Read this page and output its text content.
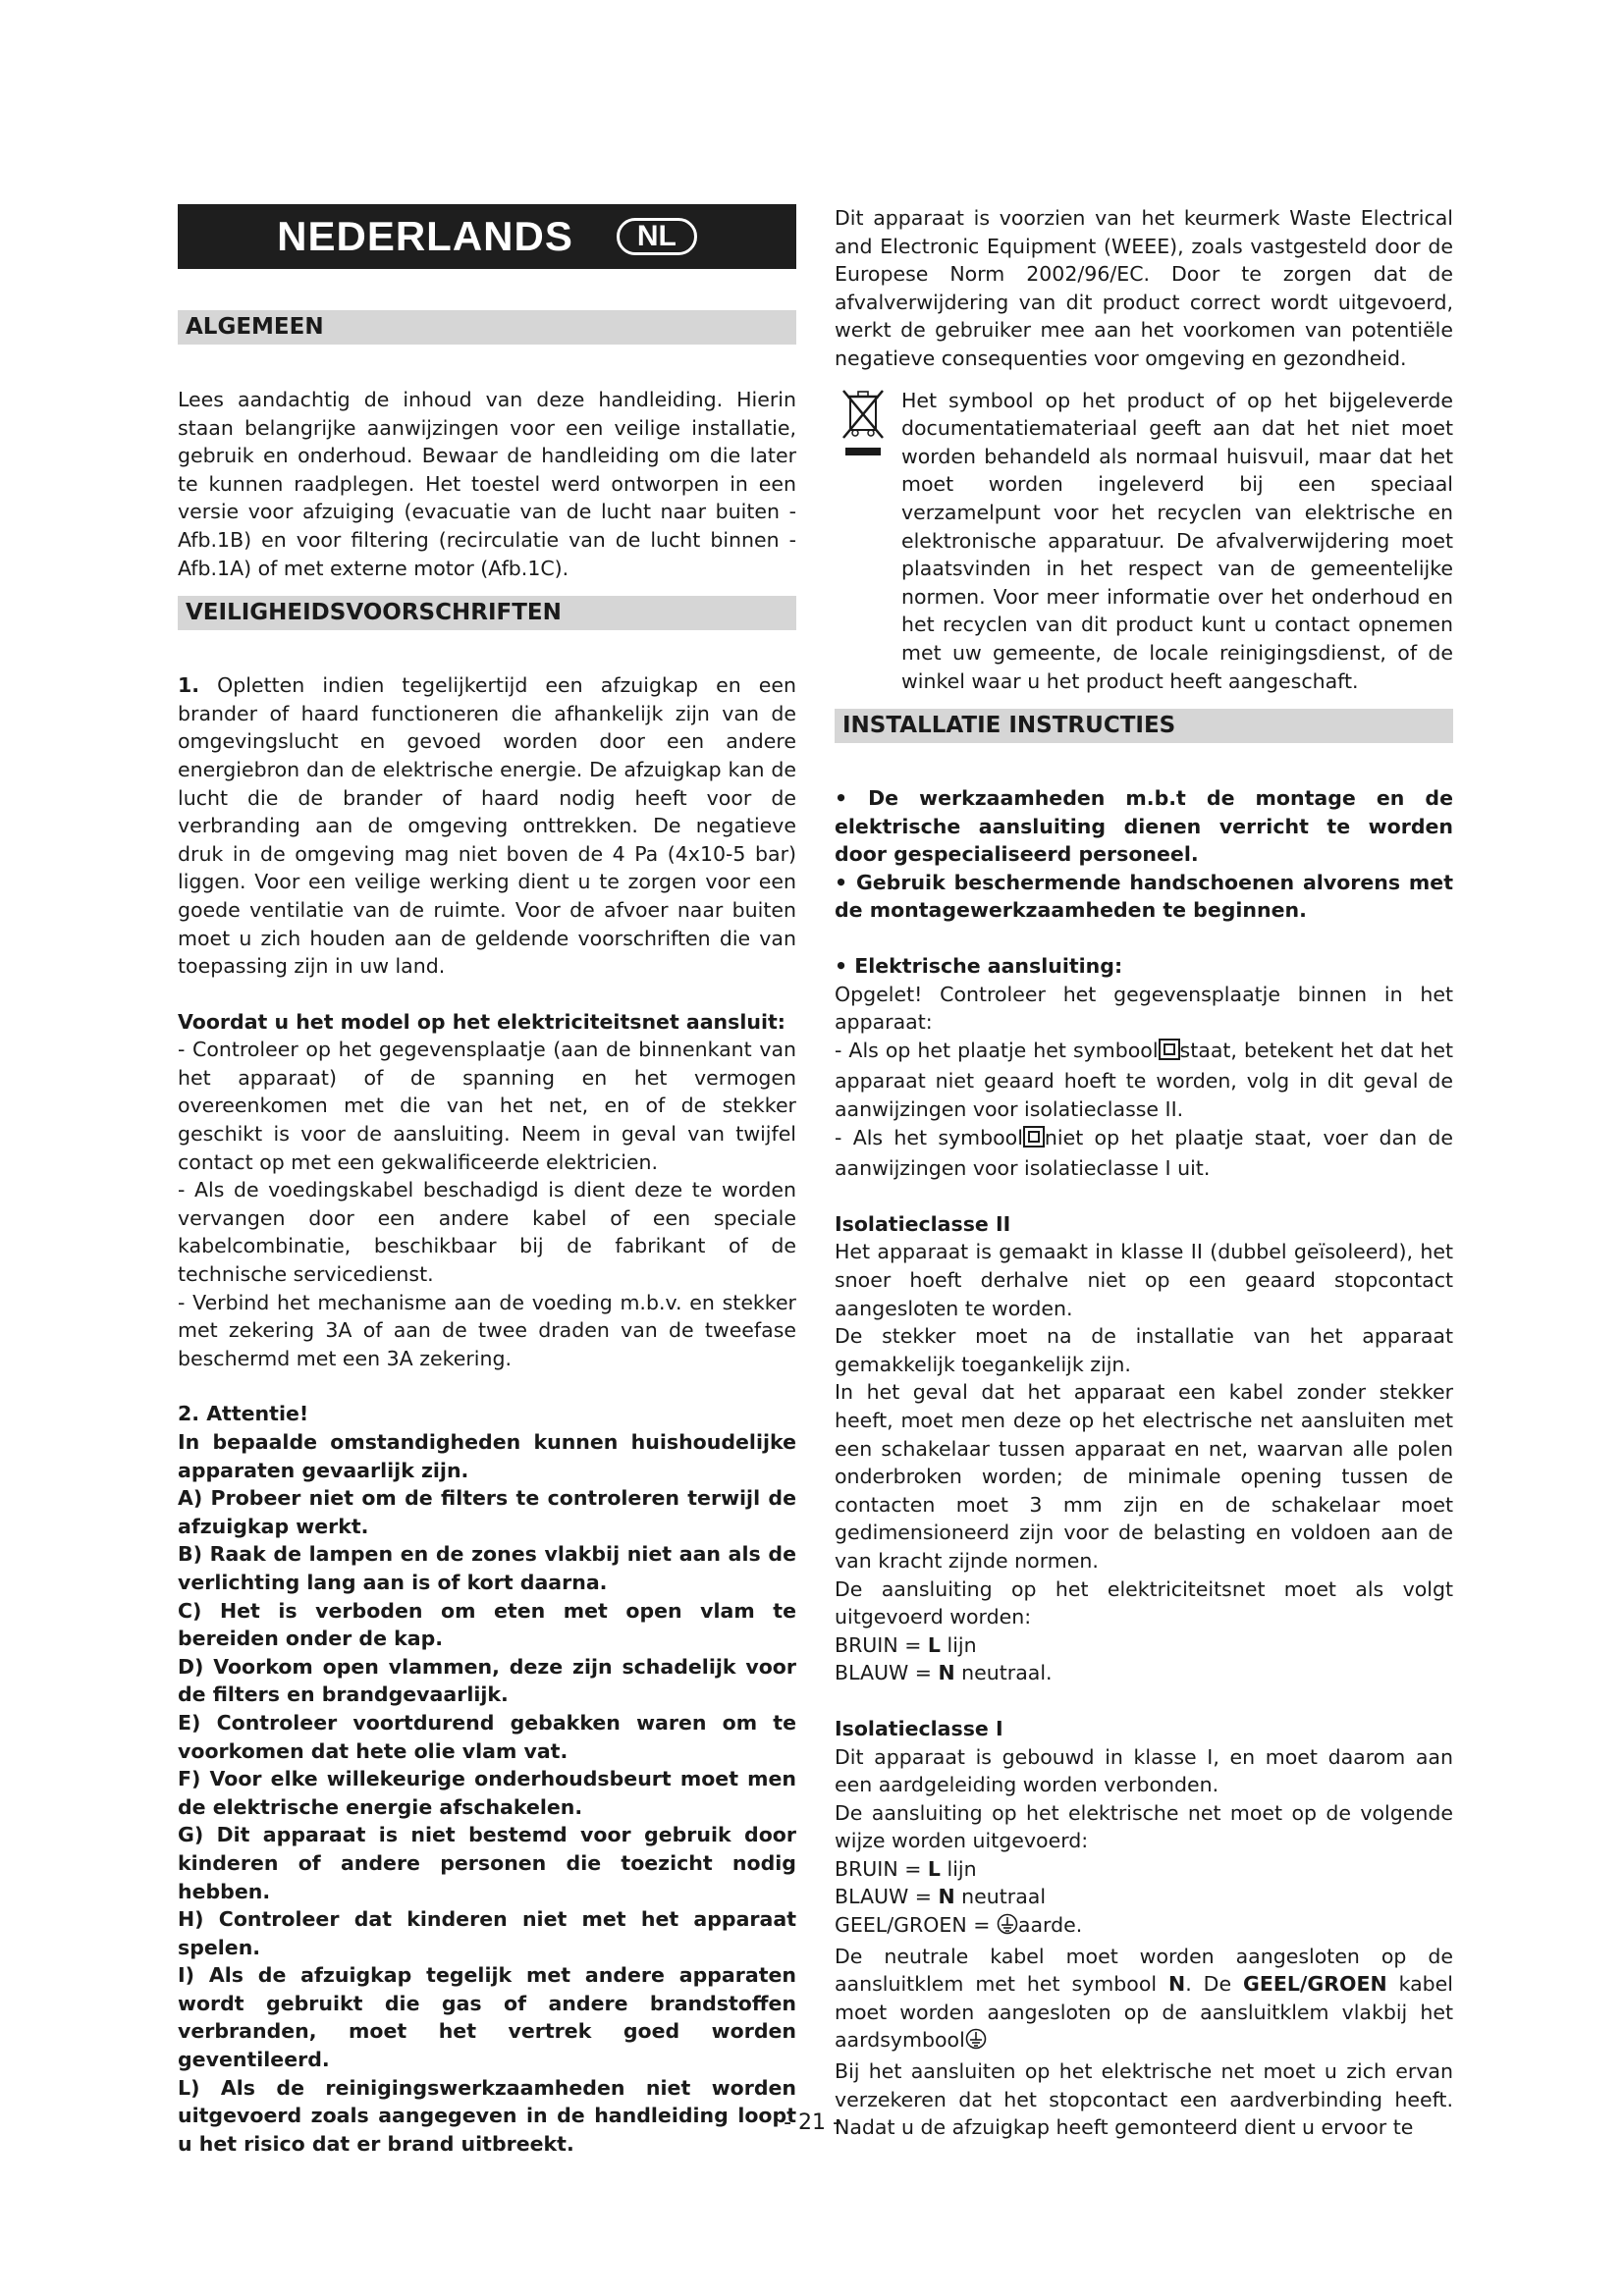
NEDERLANDS	NL
ALGEMEEN

Lees aandachtig de inhoud van deze handleiding. Hierin staan belangrijke aanwijzingen voor een veilige installatie, gebruik en onderhoud. Bewaar de handleiding om die later te kunnen raadplegen. Het toestel werd ontworpen in een versie voor afzuiging (evacuatie van de lucht naar buiten - Afb.1B) en voor filtering (recirculatie van de lucht binnen - Afb.1A) of met externe motor (Afb.1C).

VEILIGHEIDSVOORSCHRIFTEN

1. Opletten indien tegelijkertijd een afzuigkap en een brander of haard functioneren die afhankelijk zijn van de omgevingslucht en gevoed worden door een andere energiebron dan de elektrische energie. De afzuigkap kan de lucht die de brander of haard nodig heeft voor de verbranding aan de omgeving onttrekken. De negatieve druk in de omgeving mag niet boven de 4 Pa (4x10-5 bar) liggen. Voor een veilige werking dient u te zorgen voor een goede ventilatie van de ruimte. Voor de afvoer naar buiten moet u zich houden aan de geldende voorschriften die van toepassing zijn in uw land.

Voordat u het model op het elektriciteitsnet aansluit:

- Controleer op het gegevensplaatje (aan de binnenkant van het apparaat) of de spanning en het vermogen overeenkomen met die van het net, en of de stekker geschikt is voor de aansluiting. Neem in geval van twijfel contact op met een gekwalificeerde elektricien.

- Als de voedingskabel beschadigd is dient deze te worden vervangen door een andere kabel of een speciale kabelcombinatie, beschikbaar bij de fabrikant of de technische servicedienst.

- Verbind het mechanisme aan de voeding m.b.v. en stekker met zekering 3A of aan de twee draden van de tweefase beschermd met een 3A zekering.

2. Attentie!

In bepaalde omstandigheden kunnen huishoudelijke apparaten gevaarlijk zijn.

A) Probeer niet om de filters te controleren terwijl de afzuigkap werkt.

B) Raak de lampen en de zones vlakbij niet aan als de verlichting lang aan is of kort daarna.

C) Het is verboden om eten met open vlam te bereiden onder de kap.

D) Voorkom open vlammen, deze zijn schadelijk voor de filters en brandgevaarlijk.

E) Controleer voortdurend gebakken waren om te voorkomen dat hete olie vlam vat.

F) Voor elke willekeurige onderhoudsbeurt moet men de elektrische energie afschakelen.

G) Dit apparaat is niet bestemd voor gebruik door kinderen of andere personen die toezicht nodig hebben.

H) Controleer dat kinderen niet met het apparaat spelen.

I) Als de afzuigkap tegelijk met andere apparaten wordt gebruikt die gas of andere brandstoffen verbranden, moet het vertrek goed worden geventileerd.

L) Als de reinigingswerkzaamheden niet worden uitgevoerd zoals aangegeven in de handleiding loopt u het risico dat er brand uitbreekt.

Dit apparaat is voorzien van het keurmerk Waste Electrical and Electronic Equipment (WEEE), zoals vastgesteld door de Europese Norm 2002/96/EC. Door te zorgen dat de afvalverwijdering van dit product correct wordt uitgevoerd, werkt de gebruiker mee aan het voorkomen van potentiële negatieve consequenties voor omgeving en gezondheid.

Het symbool op het product of op het bijgeleverde documentatiemateriaal geeft aan dat het niet moet worden behandeld als normaal huisvuil, maar dat het moet worden ingeleverd bij een speciaal verzamelpunt voor het recyclen van elektrische en elektronische apparatuur. De afvalverwijdering moet plaatsvinden in het respect van de gemeentelijke normen. Voor meer informatie over het onderhoud en het recyclen van dit product kunt u contact opnemen met uw gemeente, de locale reinigingsdienst, of de winkel waar u het product heeft aangeschaft.

INSTALLATIE INSTRUCTIES

• De werkzaamheden m.b.t de montage en de elektrische aansluiting dienen verricht te worden door gespecialiseerd personeel.

• Gebruik beschermende handschoenen alvorens met de montagewerkzaamheden te beginnen.

• Elektrische aansluiting:

Opgelet! Controleer het gegevensplaatje binnen in het apparaat:

- Als op het plaatje het symbool staat, betekent het dat het apparaat niet geaard hoeft te worden, volg in dit geval de aanwijzingen voor isolatieclasse II.

- Als het symbool niet op het plaatje staat, voer dan de aanwijzingen voor isolatieclasse I uit.

Isolatieclasse II

Het apparaat is gemaakt in klasse II (dubbel geïsoleerd), het snoer hoeft derhalve niet op een geaard stopcontact aangesloten te worden.

De stekker moet na de installatie van het apparaat gemakkelijk toegankelijk zijn.

In het geval dat het apparaat een kabel zonder stekker heeft, moet men deze op het electrische net aansluiten met een schakelaar tussen apparaat en net, waarvan alle polen onderbroken worden; de minimale opening tussen de contacten moet 3 mm zijn en de schakelaar moet gedimensioneerd zijn voor de belasting en voldoen aan de van kracht zijnde normen.

De aansluiting op het elektriciteitsnet moet als volgt uitgevoerd worden:

BRUIN = L lijn

BLAUW = N neutraal.

Isolatieclasse I

Dit apparaat is gebouwd in klasse I, en moet daarom aan een aardgeleiding worden verbonden.

De aansluiting op het elektrische net moet op de volgende wijze worden uitgevoerd:

BRUIN = L lijn

BLAUW = N neutraal

GEEL/GROEN = aarde.

De neutrale kabel moet worden aangesloten op de aansluitklem met het symbool N. De GEEL/GROEN kabel moet worden aangesloten op de aansluitklem vlakbij het aardsymbool

Bij het aansluiten op het elektrische net moet u zich ervan verzekeren dat het stopcontact een aardverbinding heeft. Nadat u de afzuigkap heeft gemonteerd dient u ervoor te

- 21 -
